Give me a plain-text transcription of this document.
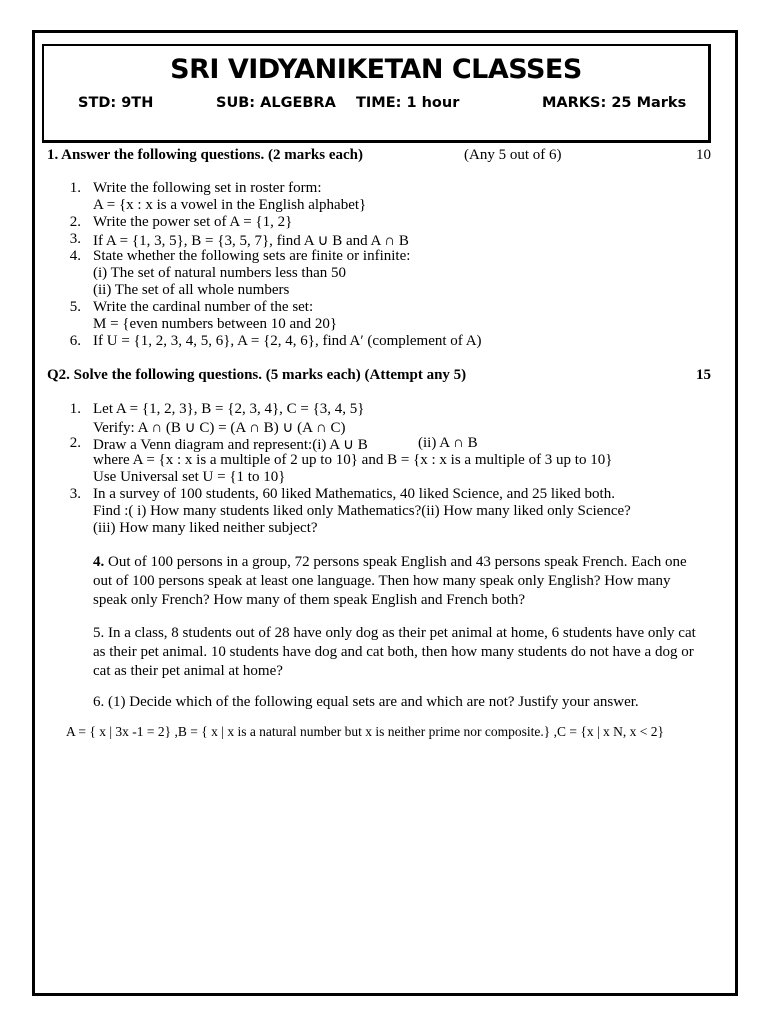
SRI VIDYANIKETAN CLASSES
STD: 9TH	SUB: ALGEBRA TIME: 1 hour	MARKS: 25 Marks
1. Answer the following questions. (2 marks each)	(Any 5 out of 6)	10
1. Write the following set in roster form:
A = {x : x is a vowel in the English alphabet}
2. Write the power set of A = {1, 2}
3. If A = {1, 3, 5}, B = {3, 5, 7}, find A ∪ B and A ∩ B
4. State whether the following sets are finite or infinite:
(i) The set of natural numbers less than 50
(ii) The set of all whole numbers
5. Write the cardinal number of the set:
M = {even numbers between 10 and 20}
6. If U = {1, 2, 3, 4, 5, 6}, A = {2, 4, 6}, find A′ (complement of A)
Q2. Solve the following questions. (5 marks each) (Attempt any 5)	15
1. Let A = {1, 2, 3}, B = {2, 3, 4}, C = {3, 4, 5}
Verify: A ∩ (B ∪ C) = (A ∩ B) ∪ (A ∩ C)
2. Draw a Venn diagram and represent:(i) A ∪ B	(ii) A ∩ B
where A = {x : x is a multiple of 2 up to 10} and B = {x : x is a multiple of 3 up to 10}
Use Universal set U = {1 to 10}
3. In a survey of 100 students, 60 liked Mathematics, 40 liked Science, and 25 liked both.
Find :( i) How many students liked only Mathematics?(ii) How many liked only Science?
(iii) How many liked neither subject?
4. Out of 100 persons in a group, 72 persons speak English and 43 persons speak French. Each one
out of 100 persons speak at least one language. Then how many speak only English? How many
speak only French? How many of them speak English and French both?
5. In a class, 8 students out of 28 have only dog as their pet animal at home, 6 students have only cat
as their pet animal. 10 students have dog and cat both, then how many students do not have a dog or
cat as their pet animal at home?
6. (1) Decide which of the following equal sets are and which are not? Justify your answer.
A = { x | 3x -1 = 2} ,B = { x | x is a natural number but x is neither prime nor composite.} ,C = {x | x N, x < 2}
